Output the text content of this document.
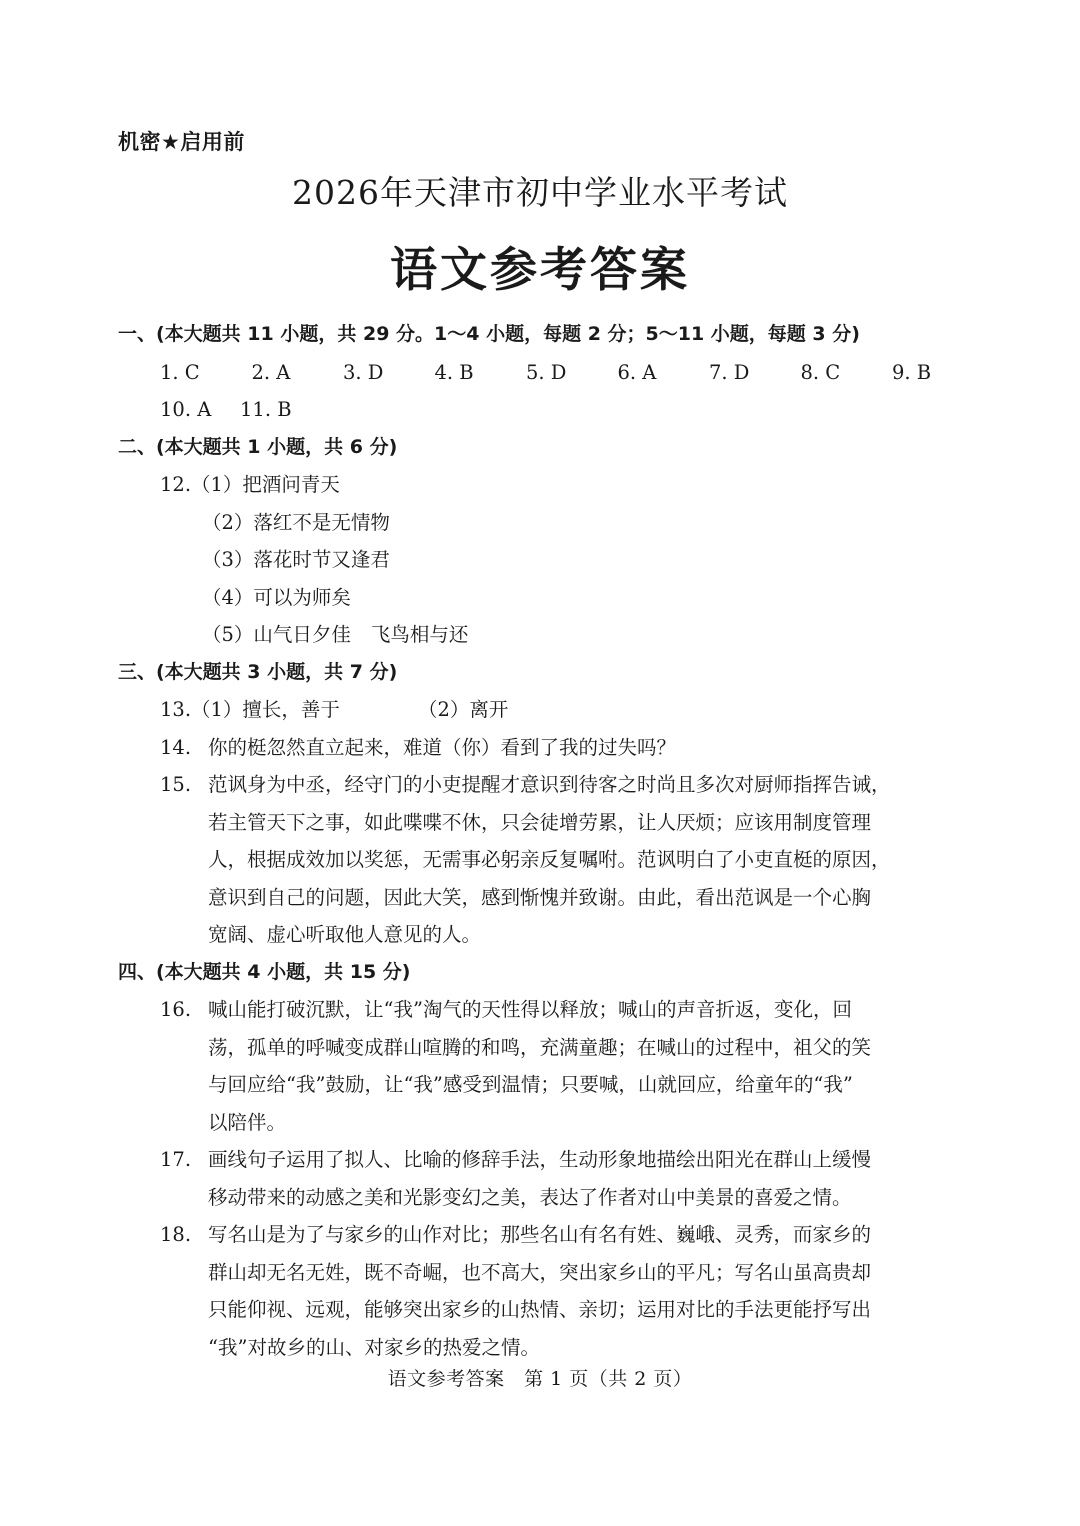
机密★启用前
2026年天津市初中学业水平考试
语文参考答案
一、(本大题共 11 小题，共 29 分。1～4 小题，每题 2 分；5～11 小题，每题 3 分)
1. C	2. A	3. D	4. B	5. D	6. A	7. D	8. C	9. B
10. A 11. B
二、(本大题共 1 小题，共 6 分)
12.（1）把酒问青天
（2）落红不是无情物
（3）落花时节又逢君
（4）可以为师矣
（5）山气日夕佳 飞鸟相与还
三、(本大题共 3 小题，共 7 分)
13.（1）擅长，善于	（2）离开
14. 你的梃忽然直立起来，难道（你）看到了我的过失吗？
15. 范讽身为中丞，经守门的小吏提醒才意识到待客之时尚且多次对厨师指挥告诫，
若主管天下之事，如此喋喋不休，只会徒增劳累，让人厌烦；应该用制度管理
人，根据成效加以奖惩，无需事必躬亲反复嘱咐。范讽明白了小吏直梃的原因，
意识到自己的问题，因此大笑，感到惭愧并致谢。由此，看出范讽是一个心胸
宽阔、虚心听取他人意见的人。
四、(本大题共 4 小题，共 15 分)
16. 喊山能打破沉默，让“我”淘气的天性得以释放；喊山的声音折返，变化，回
荡，孤单的呼喊变成群山喧腾的和鸣，充满童趣；在喊山的过程中，祖父的笑
与回应给“我”鼓励，让“我”感受到温情；只要喊，山就回应，给童年的“我”
以陪伴。
17. 画线句子运用了拟人、比喻的修辞手法，生动形象地描绘出阳光在群山上缓慢
移动带来的动感之美和光影变幻之美，表达了作者对山中美景的喜爱之情。
18. 写名山是为了与家乡的山作对比；那些名山有名有姓、巍峨、灵秀，而家乡的
群山却无名无姓，既不奇崛，也不高大，突出家乡山的平凡；写名山虽高贵却
只能仰视、远观，能够突出家乡的山热情、亲切；运用对比的手法更能抒写出
“我”对故乡的山、对家乡的热爱之情。
语文参考答案　第 1 页（共 2 页）
